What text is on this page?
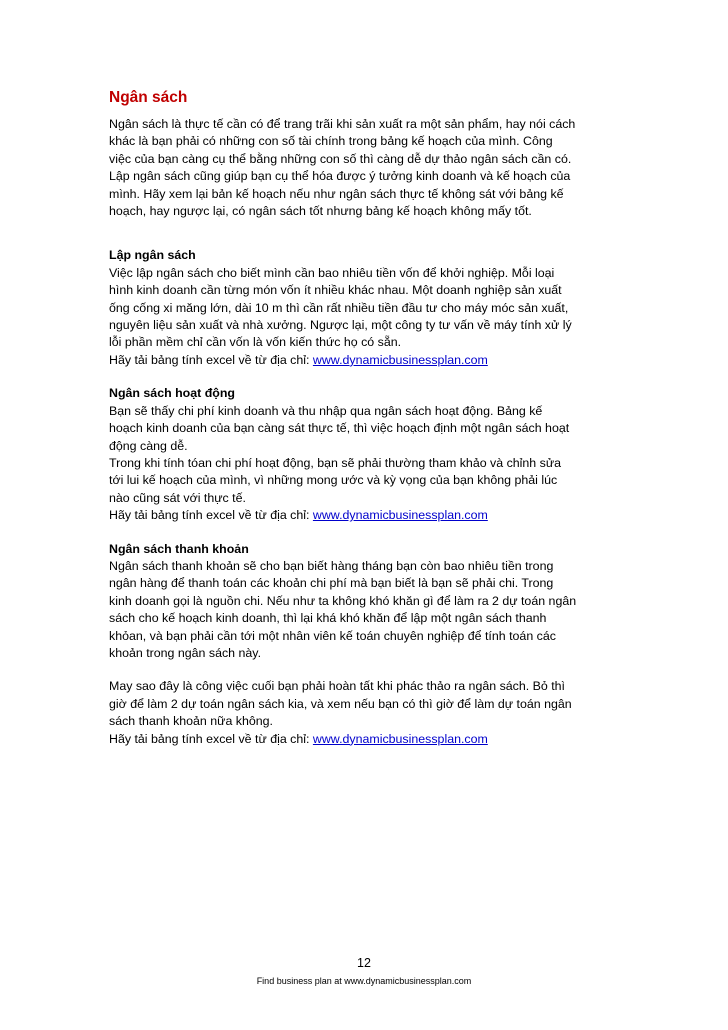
Ngân sách

Ngân sách là thực tế cần có để trang trãi khi sản xuất ra một sản phẩm, hay nói cách
khác là bạn phải có những con số tài chính trong bảng kế hoạch của mình. Công
việc của bạn càng cụ thể bằng những con số thì càng dễ dự thảo ngân sách cần có.
Lập ngân sách cũng giúp bạn cụ thể hóa được ý tưởng kinh doanh và kế hoạch của
mình. Hãy xem lại bản kế hoạch nếu như ngân sách thực tế không sát với bảng kế
hoạch, hay ngược lại, có ngân sách tốt nhưng bảng kế hoạch không mấy tốt.

Lập ngân sách

Việc lập ngân sách cho biết mình cần bao nhiêu tiền vốn để khởi nghiệp. Mỗi loại
hình kinh doanh cần từng món vốn ít nhiều khác nhau. Một doanh nghiệp sản xuất
ống cống xi măng lớn, dài 10 m thì cần rất nhiều tiền đầu tư cho máy móc sản xuất,
nguyên liệu sản xuất và nhà xưởng. Ngược lại, một công ty tư vấn về máy tính xử lý
lỗi phần mềm chỉ cần vốn là vốn kiến thức họ có sẵn.
Hãy tải bảng tính excel về từ địa chỉ: www.dynamicbusinessplan.com

Ngân sách hoạt động

Bạn sẽ thấy chi phí kinh doanh và thu nhập qua ngân sách hoạt động. Bảng kế
hoạch kinh doanh của bạn càng sát thực tế, thì việc hoạch định một ngân sách hoạt
động càng dễ.
Trong khi tính tóan chi phí hoạt động, bạn sẽ phải thường tham khảo và chỉnh sửa
tới lui kế hoạch của mình, vì những mong ước và kỳ vọng của bạn không phải lúc
nào cũng sát với thực tế.
Hãy tải bảng tính excel về từ địa chỉ: www.dynamicbusinessplan.com

Ngân sách thanh khoản

Ngân sách thanh khoản sẽ cho bạn biết hàng tháng bạn còn bao nhiêu tiền trong
ngân hàng để thanh toán các khoản chi phí mà bạn biết là bạn sẽ phải chi. Trong
kinh doanh gọi là nguồn chi. Nếu như ta không khó khăn gì để làm ra 2 dự toán ngân
sách cho kế hoạch kinh doanh, thì lại khá khó khăn để lập một ngân sách thanh
khỏan, và bạn phải cần tới một nhân viên kế toán chuyên nghiệp để tính toán các
khoản trong ngân sách này.

May sao đây là công việc cuối bạn phải hoàn tất khi phác thảo ra ngân sách. Bỏ thì
giờ để làm 2 dự toán ngân sách kia, và xem nếu bạn có thì giờ để làm dự toán ngân
sách thanh khoản nữa không.
Hãy tải bảng tính excel về từ địa chỉ: www.dynamicbusinessplan.com

12
Find business plan at www.dynamicbusinessplan.com
